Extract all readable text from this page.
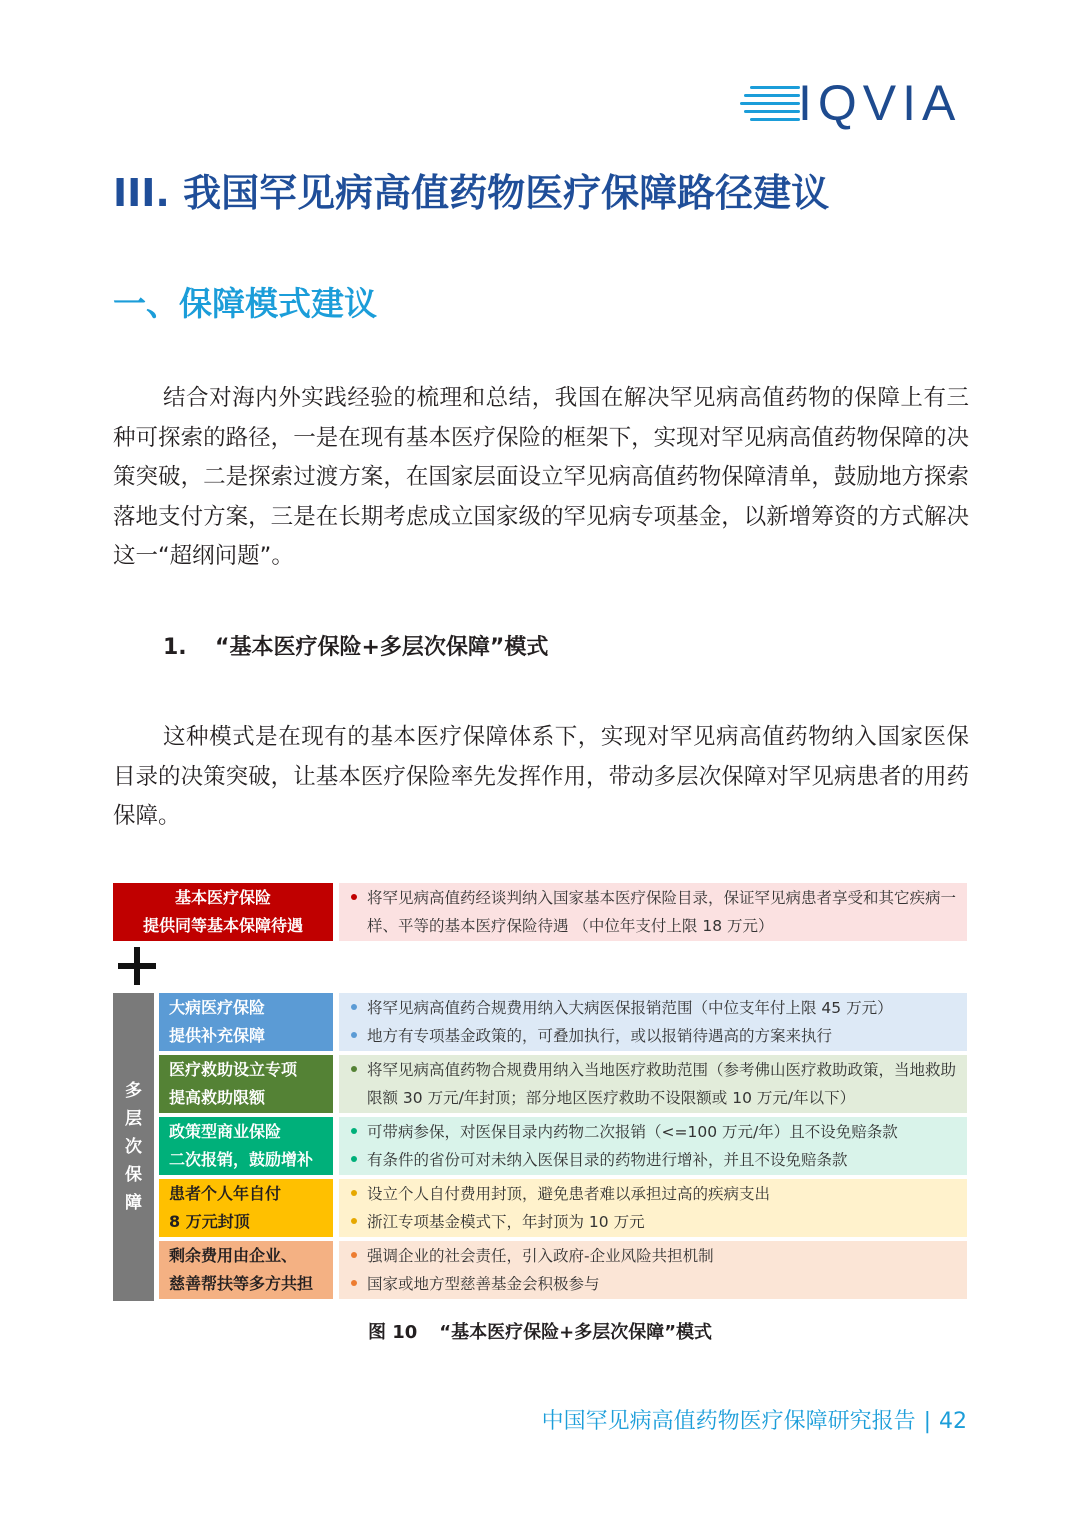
IQVIA
III. 我国罕见病高值药物医疗保障路径建议
一、保障模式建议

结合对海内外实践经验的梳理和总结，我国在解决罕见病高值药物的保障上有三种可探索的路径，一是在现有基本医疗保险的框架下，实现对罕见病高值药物保障的决策突破，二是探索过渡方案，在国家层面设立罕见病高值药物保障清单，鼓励地方探索落地支付方案，三是在长期考虑成立国家级的罕见病专项基金，以新增筹资的方式解决这一“超纲问题”。

1. “基本医疗保险+多层次保障”模式

这种模式是在现有的基本医疗保障体系下，实现对罕见病高值药物纳入国家医保目录的决策突破，让基本医疗保险率先发挥作用，带动多层次保障对罕见病患者的用药保障。

基本医疗保险
提供同等基本保障待遇
将罕见病高值药经谈判纳入国家基本医疗保险目录，保证罕见病患者享受和其它疾病一样、平等的基本医疗保险待遇 （中位年支付上限 18 万元）
多
层
次
保
障
大病医疗保险
提供补充保障
将罕见病高值药合规费用纳入大病医保报销范围（中位支年付上限 45 万元）
地方有专项基金政策的，可叠加执行，或以报销待遇高的方案来执行
医疗救助设立专项
提高救助限额
将罕见病高值药物合规费用纳入当地医疗救助范围（参考佛山医疗救助政策，当地救助限额 30 万元/年封顶；部分地区医疗救助不设限额或 10 万元/年以下）
政策型商业保险
二次报销，鼓励增补
可带病参保，对医保目录内药物二次报销（<=100 万元/年）且不设免赔条款
有条件的省份可对未纳入医保目录的药物进行增补，并且不设免赔条款
患者个人年自付
8 万元封顶
设立个人自付费用封顶，避免患者难以承担过高的疾病支出
浙江专项基金模式下，年封顶为 10 万元
剩余费用由企业、
慈善帮扶等多方共担
强调企业的社会责任，引入政府-企业风险共担机制
国家或地方型慈善基金会积极参与

图 10 “基本医疗保险+多层次保障”模式

中国罕见病高值药物医疗保障研究报告 | 42
